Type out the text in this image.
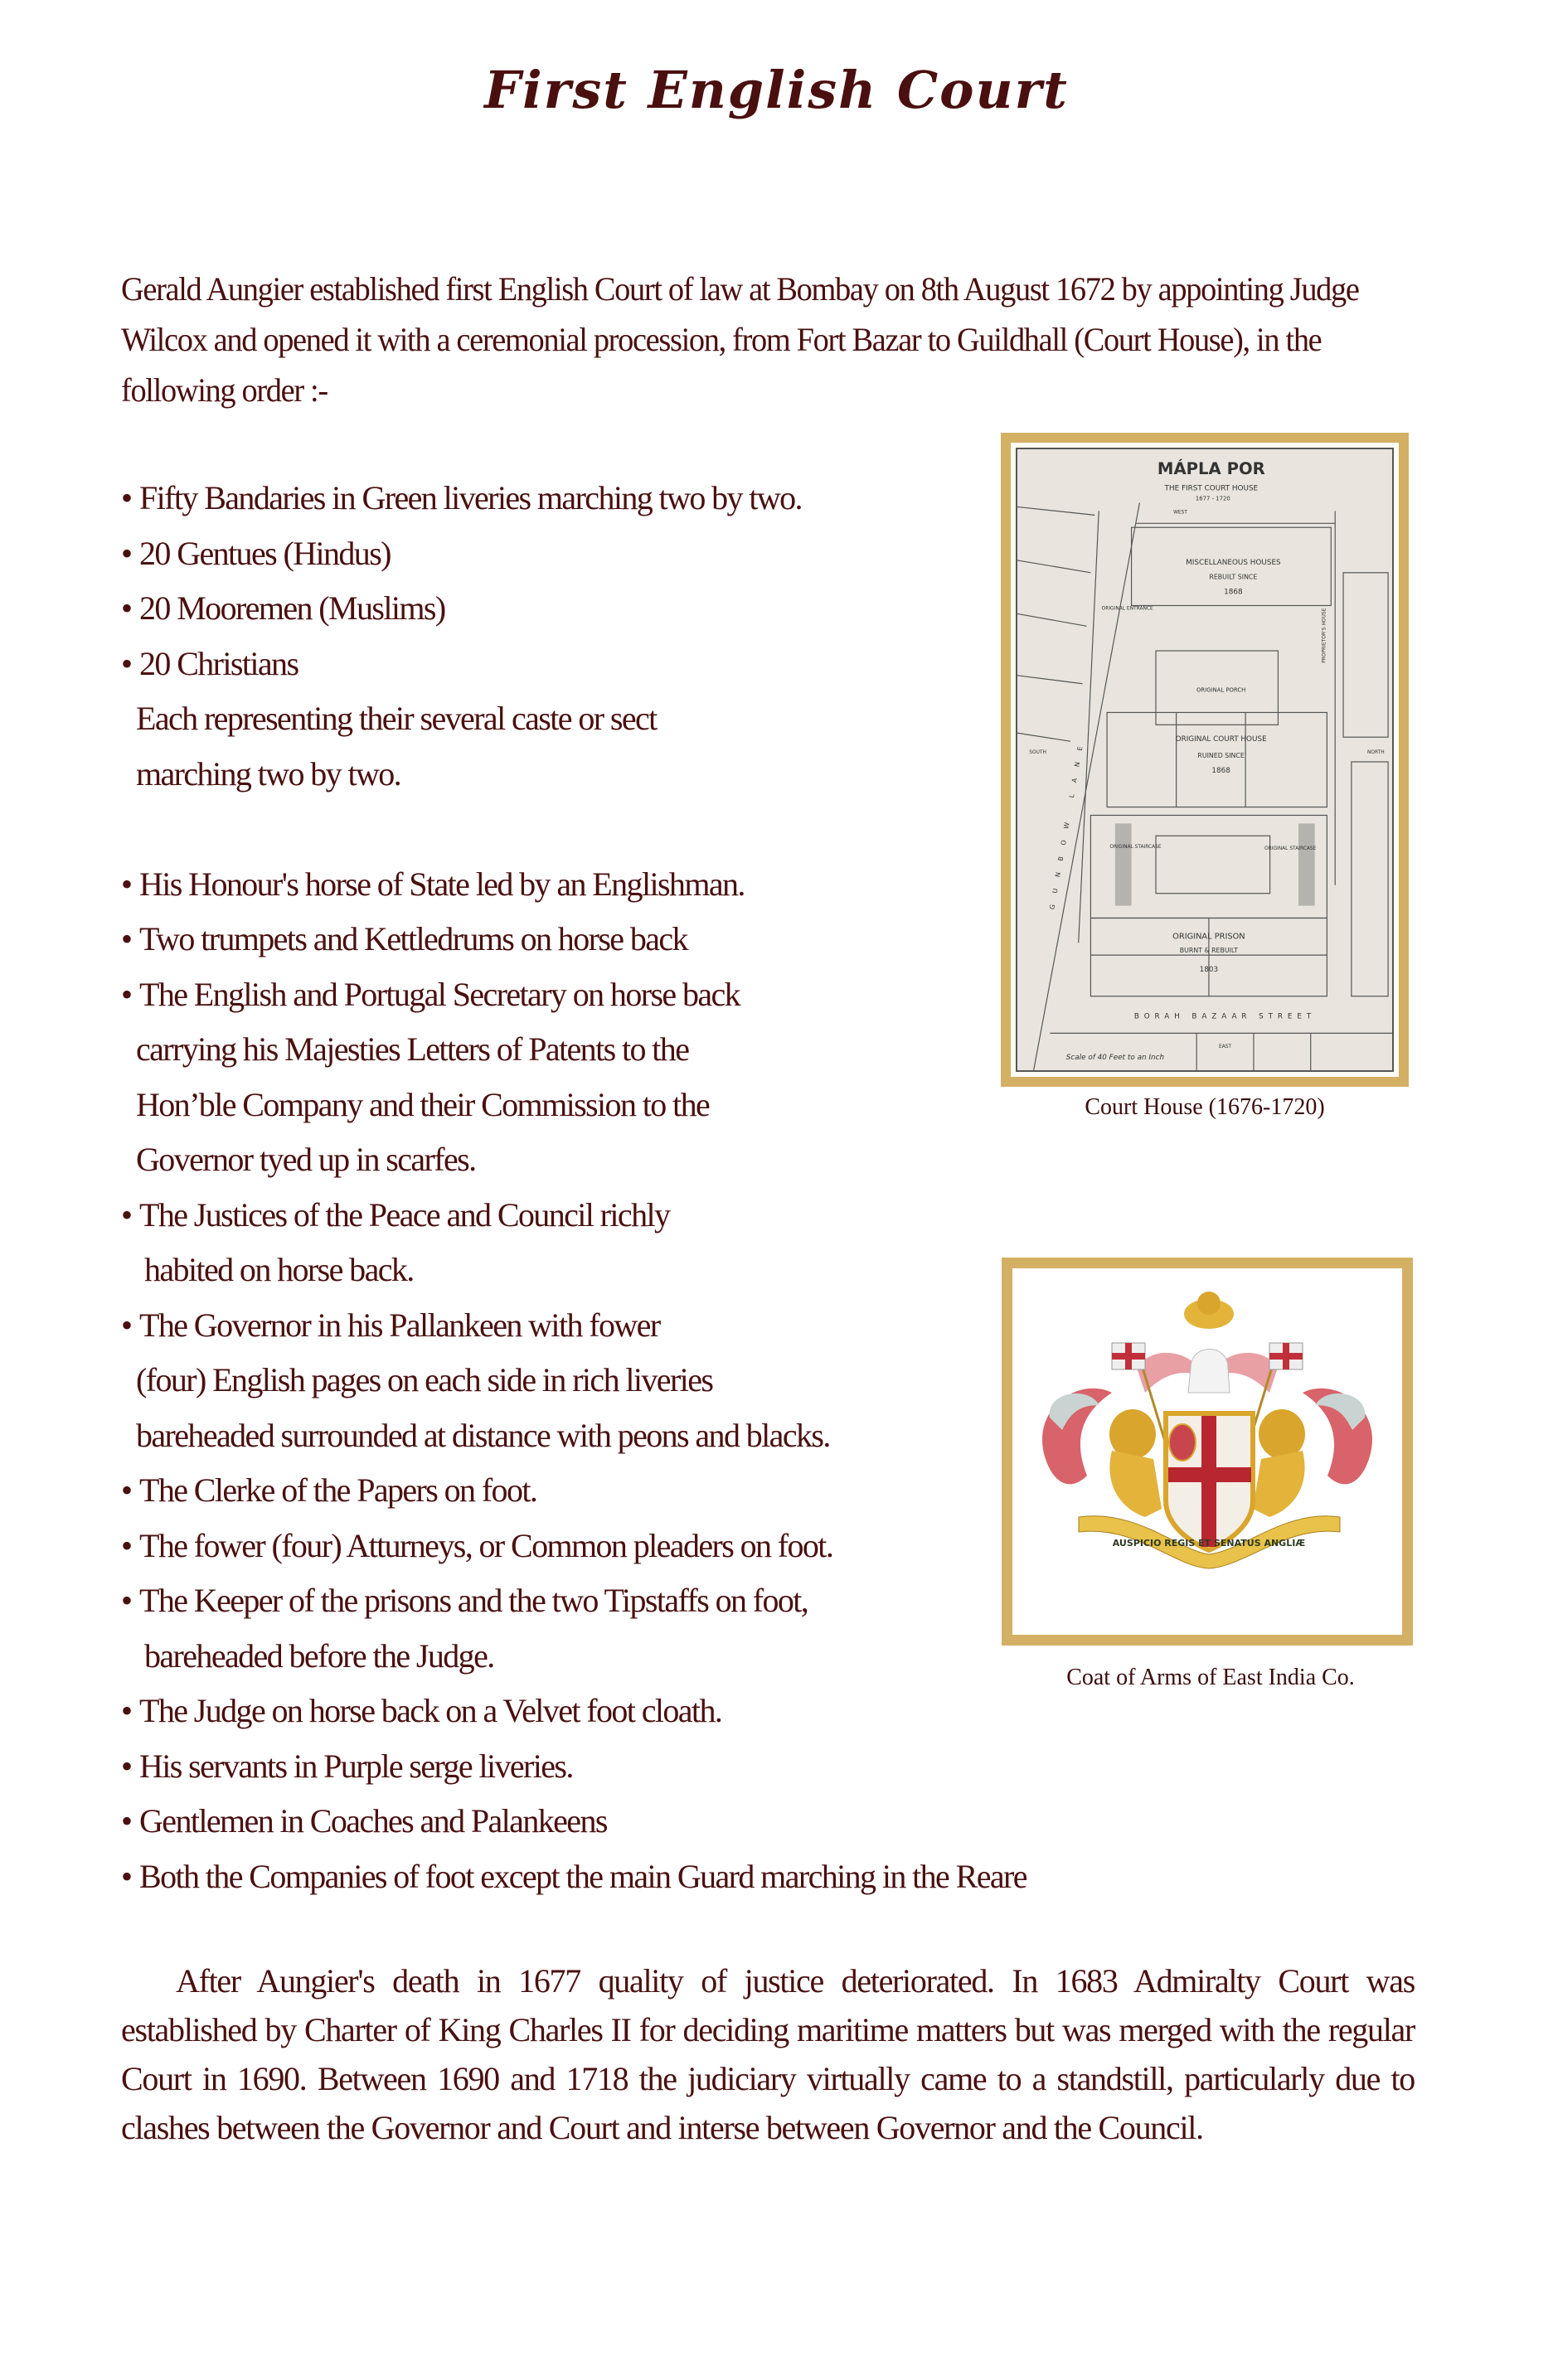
First English Court

Gerald Aungier established first English Court of law at Bombay on 8th August 1672 by appointing Judge Wilcox and opened it with a ceremonial procession, from Fort Bazar to Guildhall (Court House), in the following order :-

• Fifty Bandaries in Green liveries marching two by two.
• 20 Gentues (Hindus)
• 20 Mooremen (Muslims)
• 20 Christians
Each representing their several caste or sect
marching two by two.
• His Honour's horse of State led by an Englishman.
• Two trumpets and Kettledrums on horse back
• The English and Portugal Secretary on horse back
carrying his Majesties Letters of Patents to the
Hon’ble Company and their Commission to the
Governor tyed up in scarfes.
• The Justices of the Peace and Council richly
habited on horse back.
• The Governor in his Pallankeen with fower
(four) English pages on each side in rich liveries
bareheaded surrounded at distance with peons and blacks.
• The Clerke of the Papers on foot.
• The fower (four) Atturneys, or Common pleaders on foot.
• The Keeper of the prisons and the two Tipstaffs on foot,
bareheaded before the Judge.
• The Judge on horse back on a Velvet foot cloath.
• His servants in Purple serge liveries.
• Gentlemen in Coaches and Palankeens
• Both the Companies of foot except the main Guard marching in the Reare
MÁPLA POR
THE FIRST COURT HOUSE
1677 - 1720
WEST
MISCELLANEOUS HOUSES
REBUILT SINCE
1868
ORIGINAL ENTRANCE
ORIGINAL PORCH
ORIGINAL COURT HOUSE
RUINED SINCE
1868
SOUTH	NORTH
ORIGINAL STAIRCASE	ORIGINAL STAIRCASE
ORIGINAL PRISON
BURNT & REBUILT
1803
BORAH BAZAAR STREET
EAST
Scale of 40 Feet to an Inch
GUNBOW LANE
PROPRIETOR'S HOUSE
Court House (1676-1720)
AUSPICIO REGIS ET SENATUS ANGLIÆ
Coat of Arms of East India Co.

After Aungier's death in 1677 quality of justice deteriorated. In 1683 Admiralty Court was established by Charter of King Charles II for deciding maritime matters but was merged with the regular Court in 1690. Between 1690 and 1718 the judiciary virtually came to a standstill, particularly due to clashes between the Governor and Court and interse between Governor and the Council.
